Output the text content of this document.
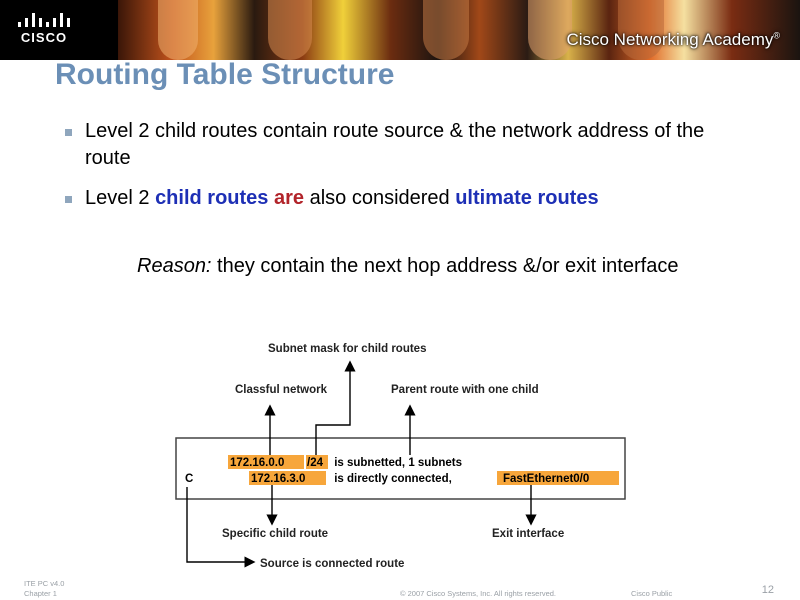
CISCO	Cisco Networking Academy®
Routing Table Structure
Level 2 child routes contain route source & the network address of the route
Level 2 child routes are also considered ultimate routes
Reason: they contain the next hop address &/or exit interface
Subnet mask for child routes
Classful network	Parent route with one child
Specific child route	Exit interface
Source is connected route
172.16.0.0 /24 is subnetted, 1 subnets
C	172.16.3.0 is directly connected,	FastEthernet0/0
ITE PC v4.0
Chapter 1	© 2007 Cisco Systems, Inc. All rights reserved.	Cisco Public	12
